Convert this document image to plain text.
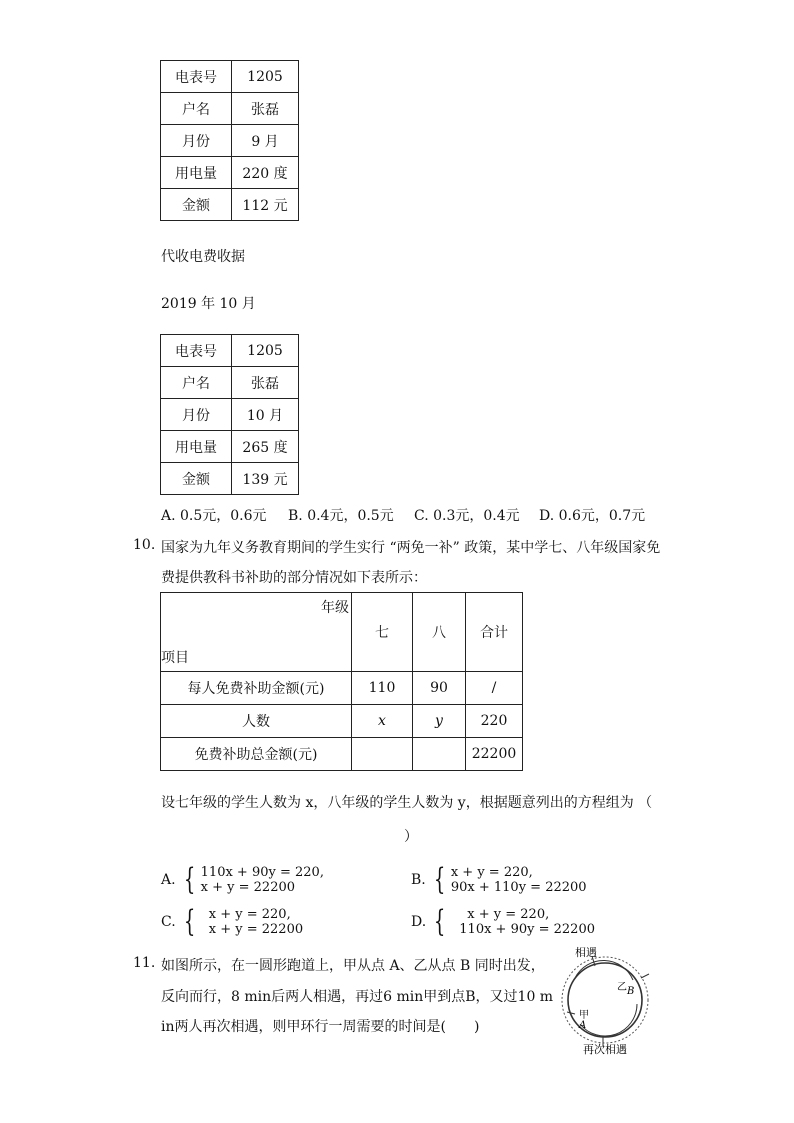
电表号	1205
户名	张磊
月份	9 月
用电量	220 度
金额	112 元
代收电费收据
2019 年 10 月
电表号	1205
户名	张磊
月份	10 月
用电量	265 度
金额	139 元
A. 0.5元，0.6元 B. 0.4元，0.5元 C. 0.3元，0.4元 D. 0.6元，0.7元
10. 国家为九年义务教育期间的学生实行 “两免一补” 政策，某中学七、八年级国家免
费提供教科书补助的部分情况如下表所示：
年级
项目	七	八	合计
每人免费补助金额(元)	110	90	/
人数	x	y	220
免费补助总金额(元)			22200
设七年级的学生人数为 x，八年级的学生人数为 y，根据题意列出的方程组为 （
）
A. { 110x + 90y = 220,
x + y = 22200	B. { x + y = 220,
90x + 110y = 22200
C. { x + y = 220,
x + y = 22200	D. {	x + y = 220,
110x + 90y = 22200
11. 如图所示，在一圆形跑道上，甲从点 A、乙从点 B 同时出发，
反向而行，8 min后两人相遇，再过6 min甲到点B，又过10 m
in两人再次相遇，则甲环行一周需要的时间是(　　)
相遇
乙 B
甲
A
再次相遇
